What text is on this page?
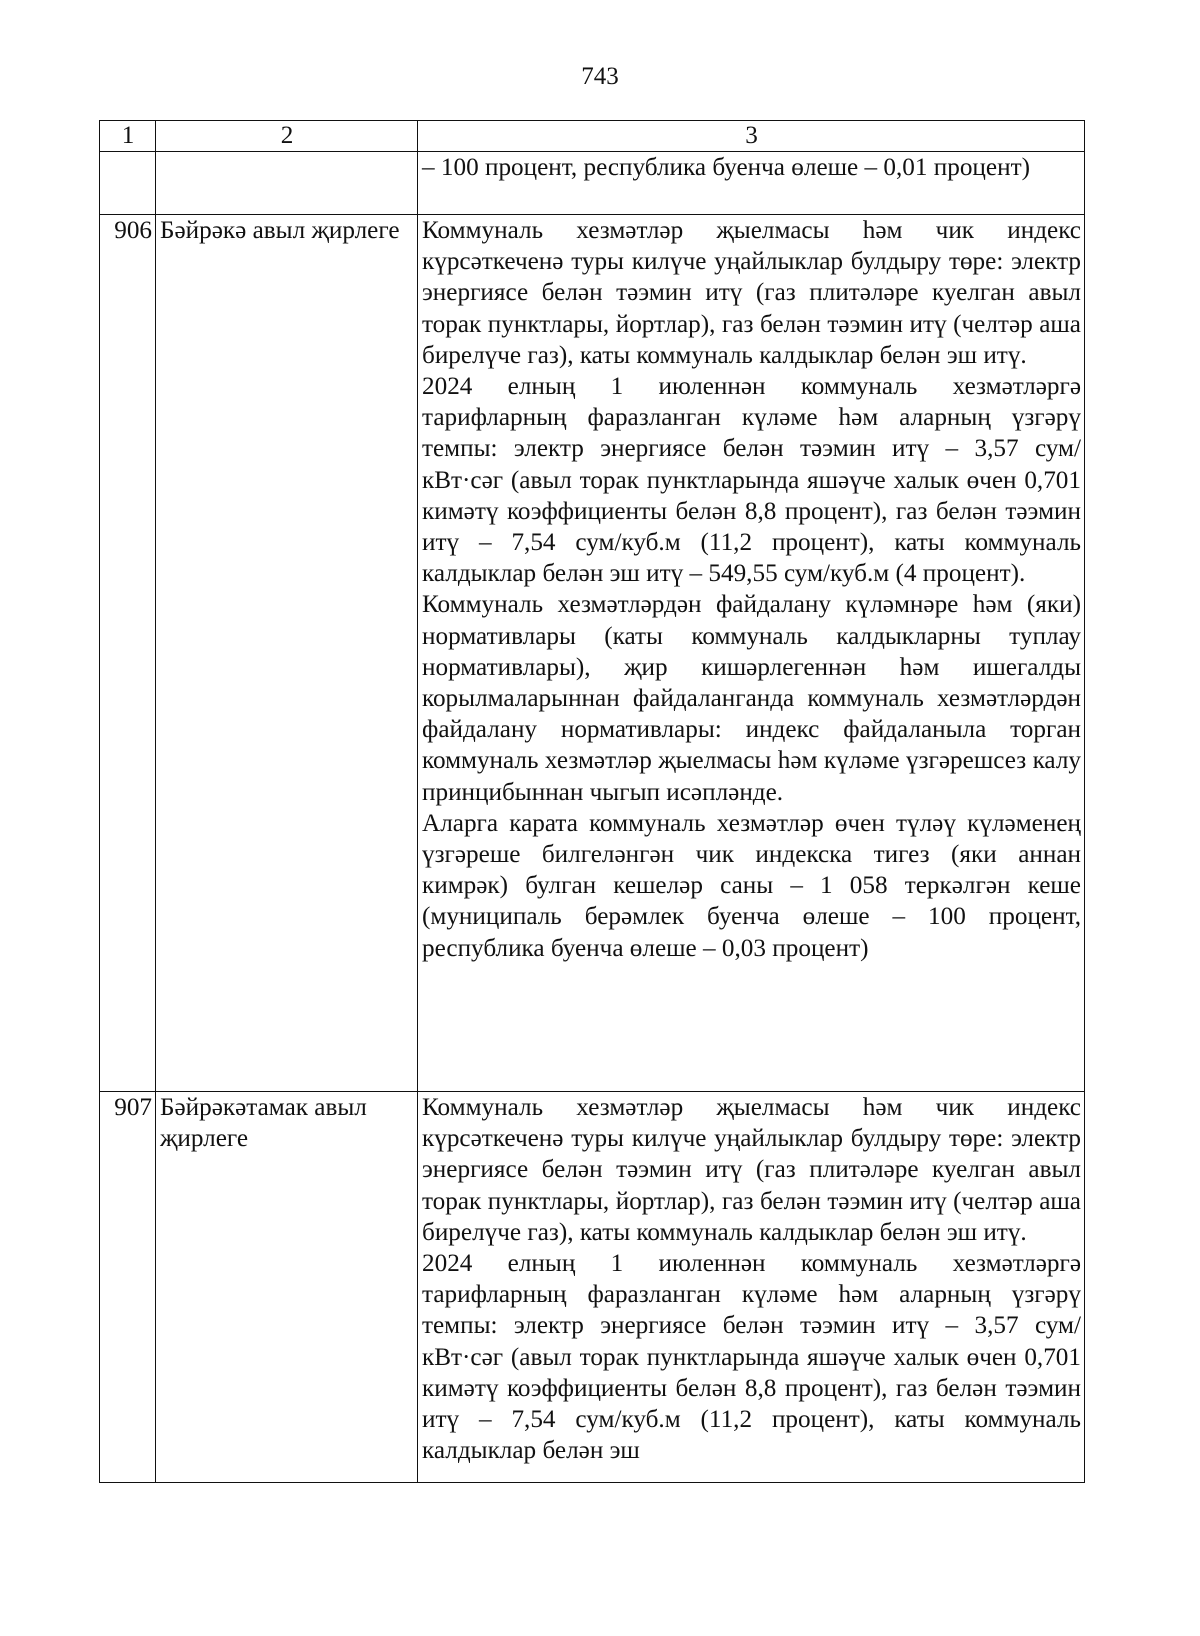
743
1	2	3

		– 100 процент, республика буенча өлеше – 0,01 процент)

906	Бәйрәкә авыл җирлеге	Коммуналь хезмәтләр җыелмасы һәм чик индекс күрсәткеченә туры килүче уңайлыклар булдыру төре: электр энергиясе белән тәэмин итү (газ плитәләре куелган авыл торак пунктлары, йортлар), газ белән тәэмин итү (челтәр аша бирелүче газ), каты коммуналь калдыклар белән эш итү.

2024 елның 1 июленнән коммуналь хезмәтләргә тарифларның фаразланган күләме һәм аларның үзгәрү темпы: электр энергиясе белән тәэмин итү – 3,57 сум/кВт·сәг (авыл торак пунктларында яшәүче халык өчен 0,701 кимәтү коэффициенты белән 8,8 процент), газ белән тәэмин итү – 7,54 сум/куб.м (11,2 процент), каты коммуналь калдыклар белән эш итү – 549,55 сум/куб.м (4 процент).

Коммуналь хезмәтләрдән файдалану күләмнәре һәм (яки) нормативлары (каты коммуналь калдыкларны туплау нормативлары), җир кишәрлегеннән һәм ишегалды корылмаларыннан файдаланганда коммуналь хезмәтләрдән файдалану нормативлары: индекс файдаланыла торган коммуналь хезмәтләр җыелмасы һәм күләме үзгәрешсез калу принцибыннан чыгып исәпләнде.

Аларга карата коммуналь хезмәтләр өчен түләү күләменең үзгәреше билгеләнгән чик индекска тигез (яки аннан кимрәк) булган кешеләр саны – 1 058 теркәлгән кеше (муниципаль берәмлек буенча өлеше – 100 процент, республика буенча өлеше – 0,03 процент)

907	Бәйрәкәтамак авыл җирлеге	Коммуналь хезмәтләр җыелмасы һәм чик индекс күрсәткеченә туры килүче уңайлыклар булдыру төре: электр энергиясе белән тәэмин итү (газ плитәләре куелган авыл торак пунктлары, йортлар), газ белән тәэмин итү (челтәр аша бирелүче газ), каты коммуналь калдыклар белән эш итү.

2024 елның 1 июленнән коммуналь хезмәтләргә тарифларның фаразланган күләме һәм аларның үзгәрү темпы: электр энергиясе белән тәэмин итү – 3,57 сум/кВт·сәг (авыл торак пунктларында яшәүче халык өчен 0,701 кимәтү коэффициенты белән 8,8 процент), газ белән тәэмин итү – 7,54 сум/куб.м (11,2 процент), каты коммуналь калдыклар белән эш
